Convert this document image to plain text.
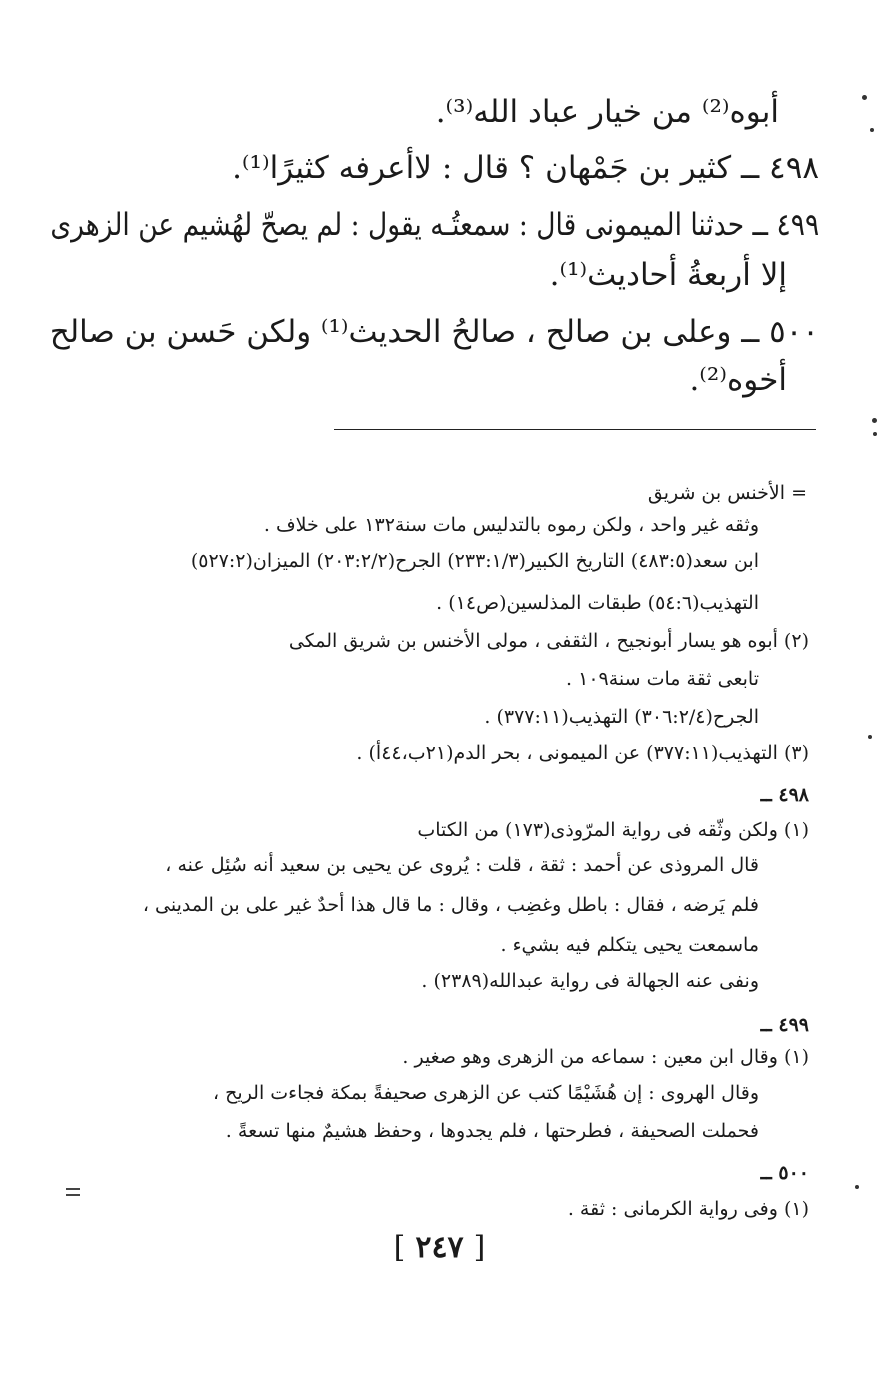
أبوه⁽²⁾ من خيار عباد الله⁽³⁾.
٤٩٨ ــ كثير بن جَمْهان ؟ قال : لاأعرفه كثيرًا⁽¹⁾.
٤٩٩ ــ حدثنا الميمونى قال : سمعتُـه يقول : لم يصحّ لهُشيم عن الزهرى
إلا أربعةُ أحاديث⁽¹⁾.
٥٠٠ ــ وعلى بن صالح ، صالحُ الحديث⁽¹⁾ ولكن حَسن بن صالح
أخوه⁽²⁾.
= الأخنس بن شريق
وثقه غير واحد ، ولكن رموه بالتدليس مات سنة١٣٢ على خلاف .
ابن سعد(٤٨٣:٥) التاريخ الكبير(٢٣٣:١/٣) الجرح(٢٠٣:٢/٢) الميزان(٥٢٧:٢)
التهذيب(٥٤:٦) طبقات المذلسين(ص١٤) .
(٢) أبوه هو يسار أبونجيح ، الثقفى ، مولى الأخنس بن شريق المكى
تابعى ثقة مات سنة١٠٩ .
الجرح(٣٠٦:٢/٤) التهذيب(٣٧٧:١١) .
(٣) التهذيب(٣٧٧:١١) عن الميمونى ، بحر الدم(٢١ب،٤٤أ) .
٤٩٨ ــ
(١) ولكن وثّقه فى رواية المرّوذى(١٧٣) من الكتاب
قال المروذى عن أحمد : ثقة ، قلت : يُروى عن يحيى بن سعيد أنه سُئِل عنه ،
فلم يَرضه ، فقال : باطل وغضِب ، وقال : ما قال هذا أحدٌ غير على بن المدينى ،
ماسمعت يحيى يتكلم فيه بشيء .
ونفى عنه الجهالة فى رواية عبدالله(٢٣٨٩) .
٤٩٩ ــ
(١) وقال ابن معين : سماعه من الزهرى وهو صغير .
وقال الهروى : إن هُشَيْمًا كتب عن الزهرى صحيفةً بمكة فجاءت الريح ،
فحملت الصحيفة ، فطرحتها ، فلم يجدوها ، وحفظ هشيمٌ منها تسعةً .
٥٠٠ ــ
(١) وفى رواية الكرمانى : ثقة .
[٢٤٧]
